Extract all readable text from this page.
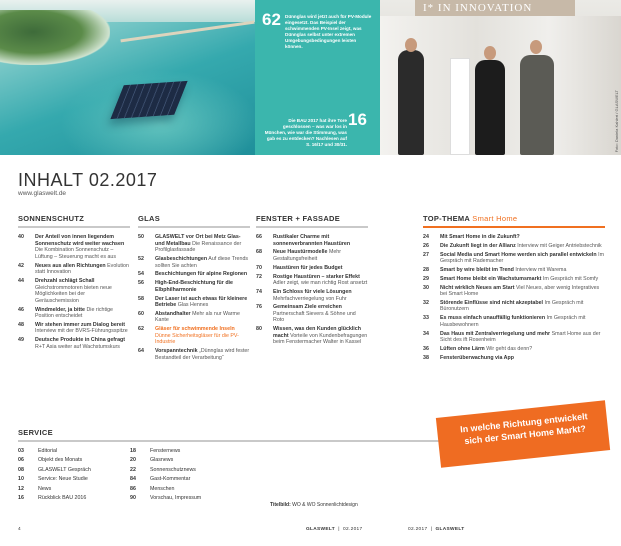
62 Dünnglas wird jetzt auch für PV-Module eingesetzt. Das Beispiel der schwimmenden PV-Insel zeigt, was Dünnglas selbst unter extremen Umgebungsbedingungen leisten können.
16
Die BAU 2017 hat ihre Tore geschlossen – was war los in München, wie war die Stimmung, was gab es zu entdecken? Nachlesen auf S. 16/17 und 30/31.
I* IN INNOVATION
Foto: Daniela Kahlert / GLASWELT
INHALT 02.2017
www.glaswelt.de
SONNENSCHUTZ
40	Der Anteil von innen liegendem Sonnenschutz wird weiter wachsen Die Kombination Sonnenschutz – Lüftung – Steuerung macht es aus
42	Neues aus allen Richtungen Evolution statt Innovation
44	Drehzahl schlägt Schall Gleichstrommotoren bieten neue Möglichkeiten bei der Geräuschemission
46	Windmelder, ja bitte Die richtige Position entscheidet
48	Wir stehen immer zum Dialog bereit Interview mit der BVRS-Führungsspitze
49	Deutsche Produkte in China gefragt R+T Asia weiter auf Wachstumskurs
GLAS
50	GLASWELT vor Ort bei Metz Glas- und Metallbau Die Renaissance der Profilglasfassade
52	Glasbeschichtungen Auf diese Trends sollten Sie achten
54	Beschichtungen für alpine Regionen
56	High-End-Beschichtung für die Elbphilharmonie
58	Der Laser ist auch etwas für kleinere Betriebe Glas Hennes
60	Abstandhalter Mehr als nur Warme Kante
62	Gläser für schwimmende Inseln Dünne Sicherheitsgläser für die PV-Industrie
64	Vorspanntechnik „Dünnglas wird fester Bestandteil der Verarbeitung“
FENSTER + FASSADE
66	Rustikaler Charme mit sonnenverbrannten Haustüren
68	Neue Haustürmodelle Mehr Gestaltungsfreiheit
70	Haustüren für jedes Budget
72	Rostige Haustüren – starker Effekt Adler zeigt, wie man richtig Rost ansetzt
74	Ein Schloss für viele Lösungen Mehrfachverriegelung von Fuhr
76	Gemeinsam Ziele erreichen Partnerschaft Sievers & Söhne und Roto
80	Wissen, was den Kunden glücklich macht Vorteile von Kundenbefragungen beim Fenstermacher Walter in Kassel
TOP-THEMA Smart Home
24	Mit Smart Home in die Zukunft?
26	Die Zukunft liegt in der Allianz Interview mit Geiger Antriebstechnik
27	Social Media und Smart Home werden sich parallel entwickeln Im Gespräch mit Rademacher
28	Smart by wire bleibt im Trend Interview mit Warema
29	Smart Home bleibt ein Wachstumsmarkt Im Gespräch mit Somfy
30	Nicht wirklich Neues am Start Viel Neues, aber wenig Integratives bei Smart Home
32	Störende Einflüsse sind nicht akzeptabel Im Gespräch mit Büronutzern
33	Es muss einfach unauffällig funktionieren Im Gespräch mit Hausbewohnern
34	Das Haus mit Zentralverriegelung und mehr Smart Home aus der Sicht des ift Rosenheim
36	Lüften ohne Lärm Wir geht das denn?
38	Fensterüberwachung via App
SERVICE
03	Editorial
06	Objekt des Monats
08	GLASWELT Gespräch
10	Service: Neue Studie
12	News
16	Rückblick BAU 2016
18	Fensternews
20	Glasnews
22	Sonnenschutznews
84	Gast-Kommentar
86	Menschen
90	Vorschau, Impressum
In welche Richtung entwickelt sich der Smart Home Markt?
Titelbild: WO & WO Sonnenlichtdesign
4	GLASWELT  |  02.2017	02.2017  |  GLASWELT
